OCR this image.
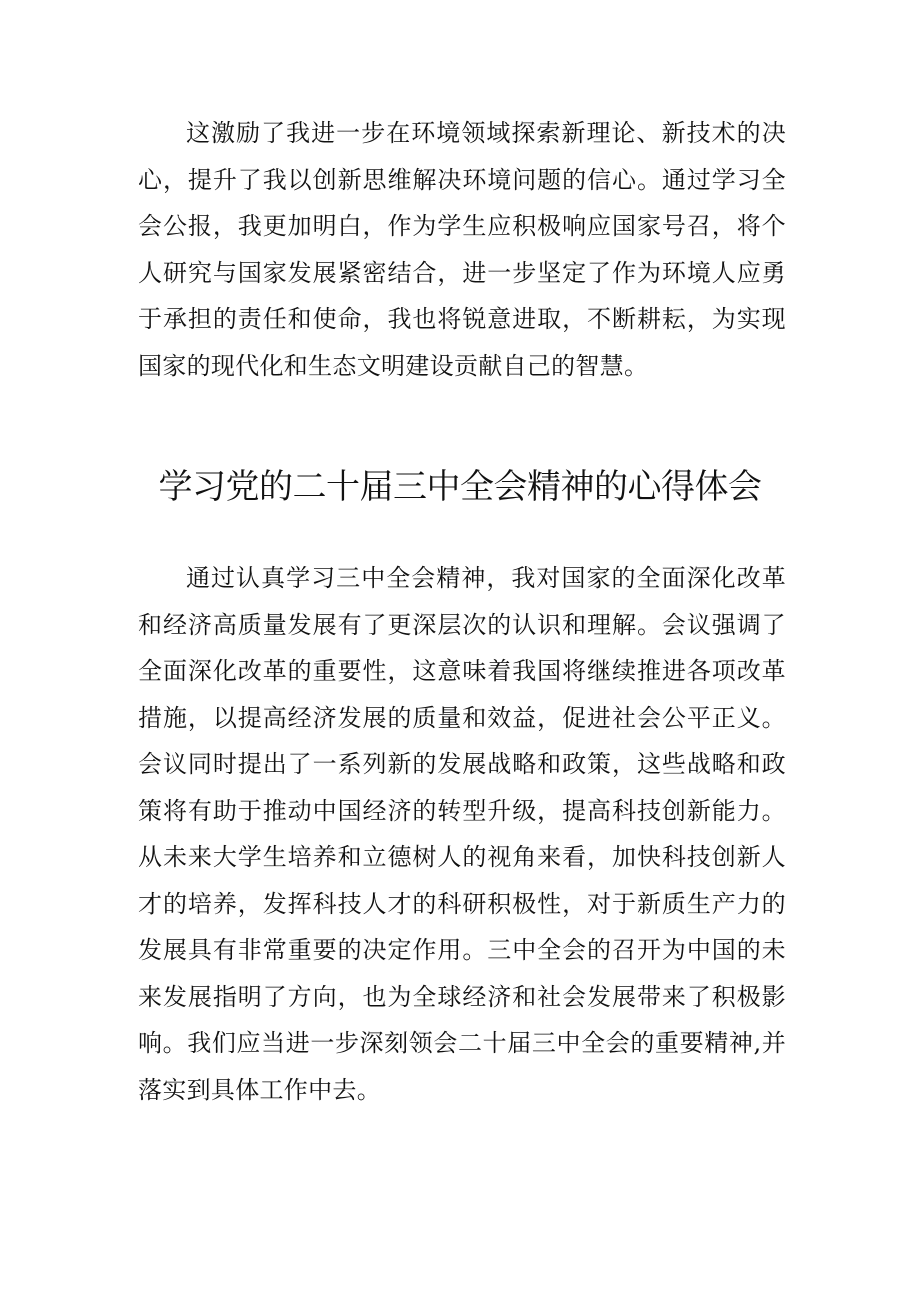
这激励了我进一步在环境领域探索新理论、新技术的决心，提升了我以创新思维解决环境问题的信心。通过学习全会公报，我更加明白，作为学生应积极响应国家号召，将个人研究与国家发展紧密结合，进一步坚定了作为环境人应勇于承担的责任和使命，我也将锐意进取，不断耕耘，为实现国家的现代化和生态文明建设贡献自己的智慧。

学习党的二十届三中全会精神的心得体会

通过认真学习三中全会精神，我对国家的全面深化改革和经济高质量发展有了更深层次的认识和理解。会议强调了全面深化改革的重要性，这意味着我国将继续推进各项改革措施，以提高经济发展的质量和效益，促进社会公平正义。会议同时提出了一系列新的发展战略和政策，这些战略和政策将有助于推动中国经济的转型升级，提高科技创新能力。从未来大学生培养和立德树人的视角来看，加快科技创新人才的培养，发挥科技人才的科研积极性，对于新质生产力的发展具有非常重要的决定作用。三中全会的召开为中国的未来发展指明了方向，也为全球经济和社会发展带来了积极影响。我们应当进一步深刻领会二十届三中全会的重要精神,并落实到具体工作中去。
